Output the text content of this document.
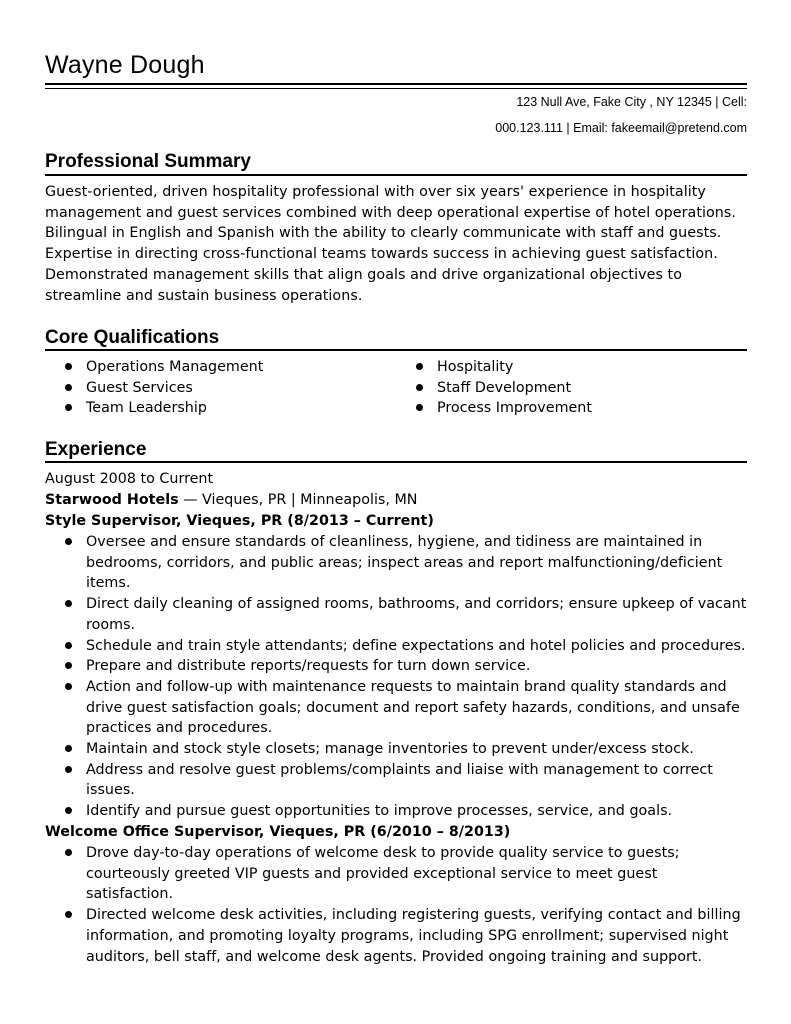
Wayne Dough
123 Null Ave, Fake City , NY 12345 | Cell:
000.123.111 | Email: fakeemail@pretend.com
Professional Summary
Guest-oriented, driven hospitality professional with over six years' experience in hospitality management and guest services combined with deep operational expertise of hotel operations. Bilingual in English and Spanish with the ability to clearly communicate with staff and guests. Expertise in directing cross-functional teams towards success in achieving guest satisfaction. Demonstrated management skills that align goals and drive organizational objectives to streamline and sustain business operations.
Core Qualifications
Operations Management
Guest Services
Team Leadership
Hospitality
Staff Development
Process Improvement
Experience
August 2008 to Current
Starwood Hotels — Vieques, PR | Minneapolis, MN
Style Supervisor, Vieques, PR (8/2013 – Current)
Oversee and ensure standards of cleanliness, hygiene, and tidiness are maintained in bedrooms, corridors, and public areas; inspect areas and report malfunctioning/deficient items.
Direct daily cleaning of assigned rooms, bathrooms, and corridors; ensure upkeep of vacant rooms.
Schedule and train style attendants; define expectations and hotel policies and procedures.
Prepare and distribute reports/requests for turn down service.
Action and follow-up with maintenance requests to maintain brand quality standards and drive guest satisfaction goals; document and report safety hazards, conditions, and unsafe practices and procedures.
Maintain and stock style closets; manage inventories to prevent under/excess stock.
Address and resolve guest problems/complaints and liaise with management to correct issues.
Identify and pursue guest opportunities to improve processes, service, and goals.
Welcome Office Supervisor, Vieques, PR (6/2010 – 8/2013)
Drove day-to-day operations of welcome desk to provide quality service to guests; courteously greeted VIP guests and provided exceptional service to meet guest satisfaction.
Directed welcome desk activities, including registering guests, verifying contact and billing information, and promoting loyalty programs, including SPG enrollment; supervised night auditors, bell staff, and welcome desk agents. Provided ongoing training and support.
